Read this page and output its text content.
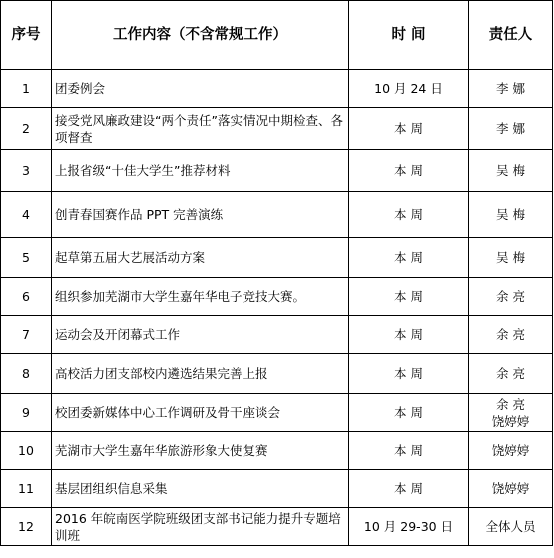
序号	工作内容（不含常规工作）	时 间	责任人
1	团委例会	10 月 24 日	李 娜

2	接受党风廉政建设“两个责任”落实情况中期检查、各项督查	本 周	李 娜

3	上报省级“十佳大学生”推荐材料	本 周	吴 梅

4	创青春国赛作品 PPT 完善演练	本 周	吴 梅

5	起草第五届大艺展活动方案	本 周	吴 梅

6	组织参加芜湖市大学生嘉年华电子竞技大赛。	本 周	余 亮

7	运动会及开闭幕式工作	本 周	余 亮

8	高校活力团支部校内遴选结果完善上报	本 周	余 亮

9	校团委新媒体中心工作调研及骨干座谈会	本 周	余 亮
饶婷婷

10	芜湖市大学生嘉年华旅游形象大使复赛	本 周	饶婷婷

11	基层团组织信息采集	本 周	饶婷婷

12	2016 年皖南医学院班级团支部书记能力提升专题培训班	10 月 29-30 日	全体人员
